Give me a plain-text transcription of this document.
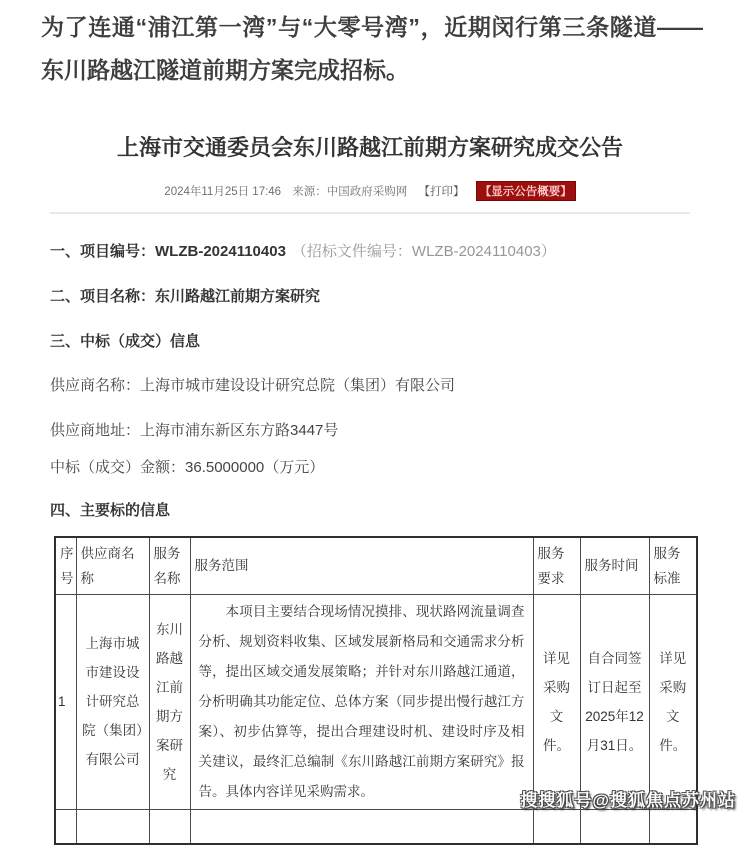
为了连通“浦江第一湾”与“大零号湾”，近期闵行第三条隧道——东川路越江隧道前期方案完成招标。

上海市交通委员会东川路越江前期方案研究成交公告
2024年11月25日 17:46 来源：中国政府采购网 【打印】 【显示公告概要】
一、项目编号：WLZB-2024110403 （招标文件编号：WLZB-2024110403）
二、项目名称：东川路越江前期方案研究
三、中标（成交）信息
供应商名称：上海市城市建设设计研究总院（集团）有限公司
供应商地址：上海市浦东新区东方路3447号
中标（成交）金额：36.5000000（万元）
四、主要标的信息
序号	供应商名称	服务名称	服务范围	服务要求	服务时间	服务标准
1	上海市城市建设设计研究总院（集团）有限公司	东川路越江前期方案研究	本项目主要结合现场情况摸排、现状路网流量调查分析、规划资料收集、区域发展新格局和交通需求分析等，提出区域交通发展策略；并针对东川路越江通道，分析明确其功能定位、总体方案（同步提出慢行越江方案）、初步估算等，提出合理建设时机、建设时序及相关建议，最终汇总编制《东川路越江前期方案研究》报告。具体内容详见采购需求。	详见采购文件。	自合同签订日起至2025年12月31日。	详见采购文件。

搜搜狐号@搜狐焦点苏州站
